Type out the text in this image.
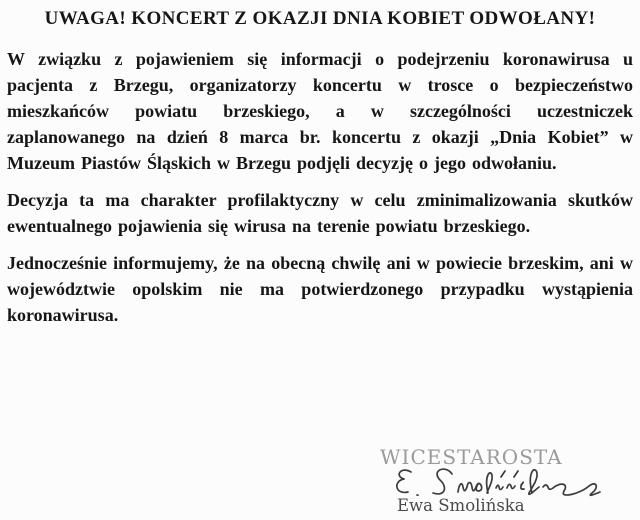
UWAGA! KONCERT Z OKAZJI DNIA KOBIET ODWOŁANY!

W związku z pojawieniem się informacji o podejrzeniu koronawirusa u pacjenta z Brzegu, organizatorzy koncertu w trosce o bezpieczeństwo mieszkańców powiatu brzeskiego, a w szczególności uczestniczek zaplanowanego na dzień 8 marca br. koncertu z okazji „Dnia Kobiet” w Muzeum Piastów Śląskich w Brzegu podjęli decyzję o jego odwołaniu.

Decyzja ta ma charakter profilaktyczny w celu zminimalizowania skutków ewentualnego pojawienia się wirusa na terenie powiatu brzeskiego.

Jednocześnie informujemy, że na obecną chwilę ani w powiecie brzeskim, ani w województwie opolskim nie ma potwierdzonego przypadku wystąpienia koronawirusa.

WICESTAROSTA
Ewa Smolińska
